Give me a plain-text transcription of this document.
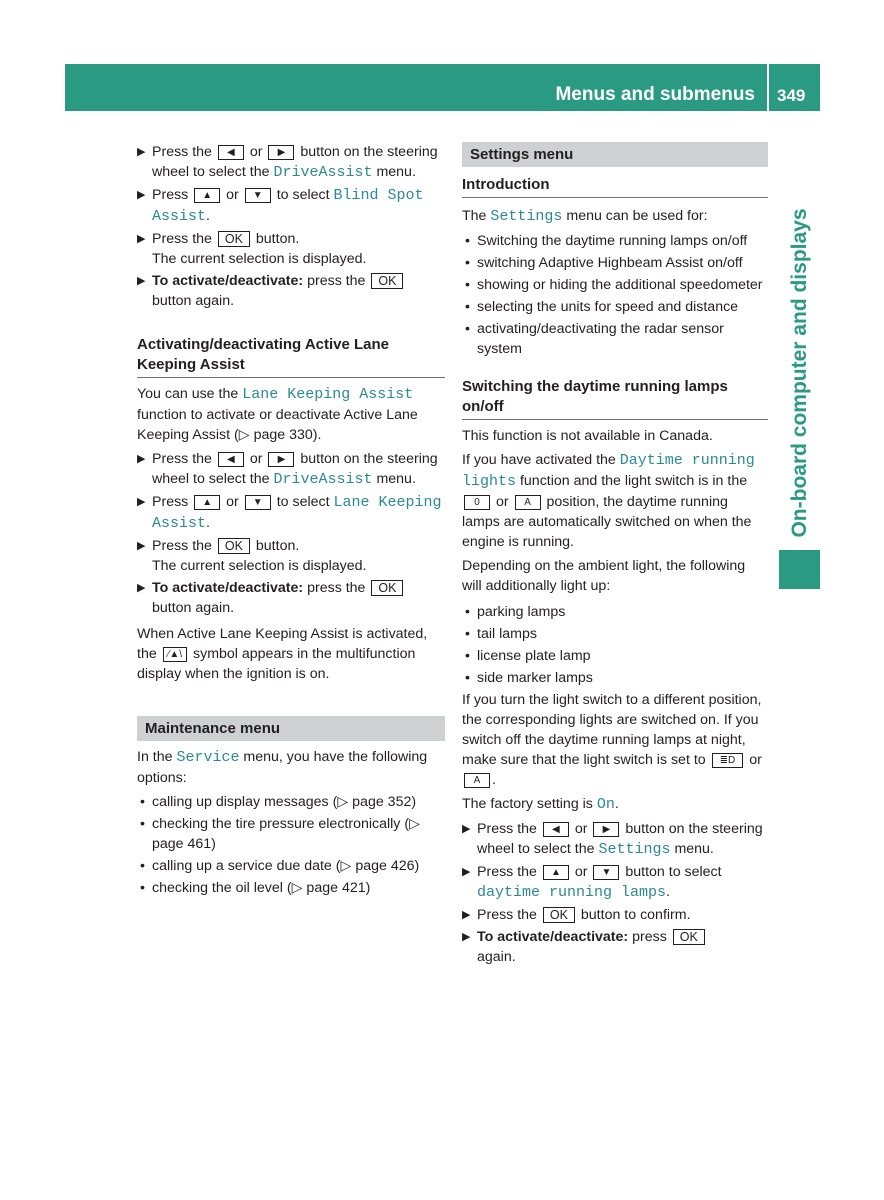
Menus and submenus 349
On-board computer and displays
▶ Press the ◀ or ▶ button on the steering wheel to select the DriveAssist menu.
▶ Press ▲ or ▼ to select Blind Spot Assist.
▶ Press the OK button.
The current selection is displayed.
▶ To activate/deactivate: press the OK button again.
Activating/deactivating Active Lane Keeping Assist

You can use the Lane Keeping Assist function to activate or deactivate Active Lane Keeping Assist (▷ page 330).

▶ Press the ◀ or ▶ button on the steering wheel to select the DriveAssist menu.
▶ Press ▲ or ▼ to select Lane Keeping Assist.
▶ Press the OK button.
The current selection is displayed.
▶ To activate/deactivate: press the OK button again.

When Active Lane Keeping Assist is activated, the ⁄▲\ symbol appears in the multifunction display when the ignition is on.

Maintenance menu

In the Service menu, you have the following options:

• calling up display messages (▷ page 352)
• checking the tire pressure electronically (▷ page 461)
• calling up a service due date (▷ page 426)
• checking the oil level (▷ page 421)
Settings menu
Introduction

The Settings menu can be used for:

• Switching the daytime running lamps on/off
• switching Adaptive Highbeam Assist on/off
• showing or hiding the additional speedometer
• selecting the units for speed and distance
• activating/deactivating the radar sensor system
Switching the daytime running lamps on/off

This function is not available in Canada.

If you have activated the Daytime running lights function and the light switch is in the 0 or A position, the daytime running lamps are automatically switched on when the engine is running.

Depending on the ambient light, the following will additionally light up:

• parking lamps
• tail lamps
• license plate lamp
• side marker lamps

If you turn the light switch to a different position, the corresponding lights are switched on. If you switch off the daytime running lamps at night, make sure that the light switch is set to ≣D or A .

The factory setting is On.

▶ Press the ◀ or ▶ button on the steering wheel to select the Settings menu.
▶ Press the ▲ or ▼ button to select daytime running lamps.
▶ Press the OK button to confirm.
▶ To activate/deactivate: press OK
again.
